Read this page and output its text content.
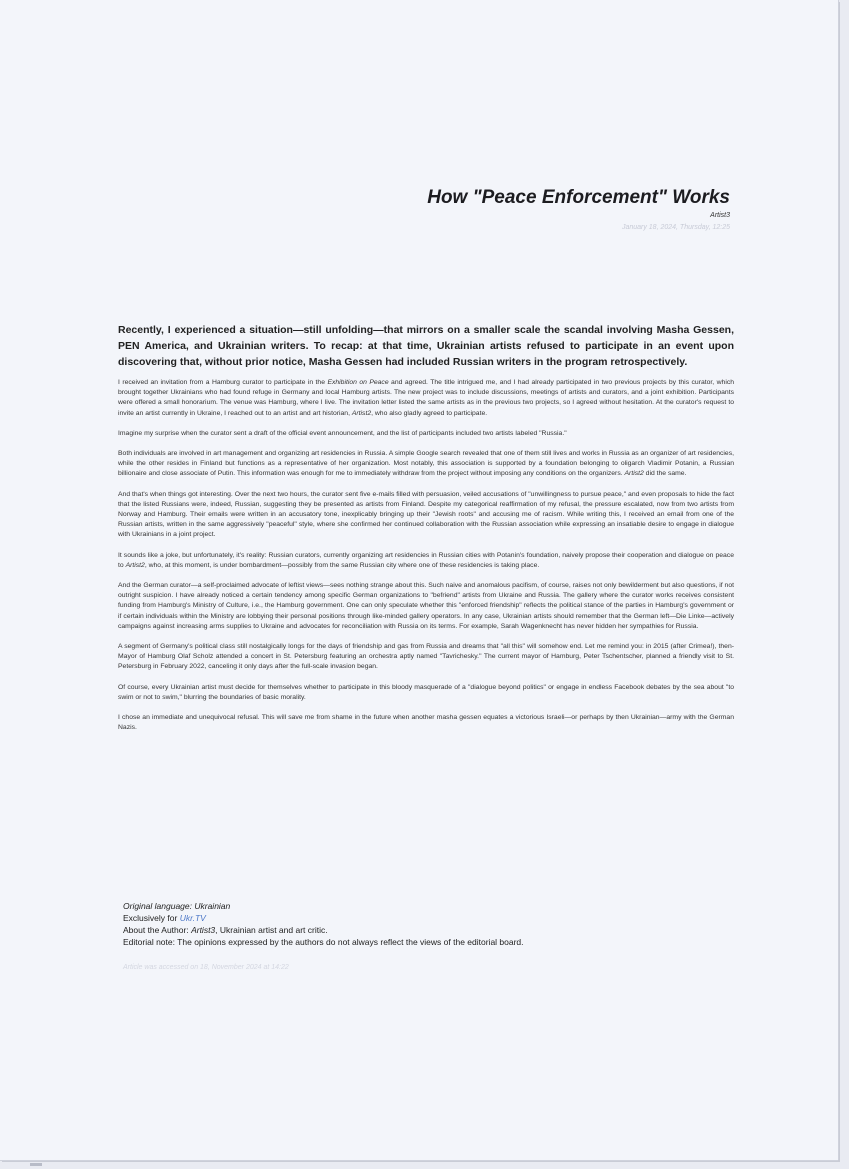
How "Peace Enforcement" Works
Artist3
January 18, 2024, Thursday, 12:25
Recently, I experienced a situation—still unfolding—that mirrors on a smaller scale the scandal involving Masha Gessen, PEN America, and Ukrainian writers. To recap: at that time, Ukrainian artists refused to participate in an event upon discovering that, without prior notice, Masha Gessen had included Russian writers in the program retrospectively.

I received an invitation from a Hamburg curator to participate in the Exhibition on Peace and agreed. The title intrigued me, and I had already participated in two previous projects by this curator, which brought together Ukrainians who had found refuge in Germany and local Hamburg artists. The new project was to include discussions, meetings of artists and curators, and a joint exhibition. Participants were offered a small honorarium. The venue was Hamburg, where I live. The invitation letter listed the same artists as in the previous two projects, so I agreed without hesitation. At the curator's request to invite an artist currently in Ukraine, I reached out to an artist and art historian, Artist2, who also gladly agreed to participate.

Imagine my surprise when the curator sent a draft of the official event announcement, and the list of participants included two artists labeled "Russia."

Both individuals are involved in art management and organizing art residencies in Russia. A simple Google search revealed that one of them still lives and works in Russia as an organizer of art residencies, while the other resides in Finland but functions as a representative of her organization. Most notably, this association is supported by a foundation belonging to oligarch Vladimir Potanin, a Russian billionaire and close associate of Putin. This information was enough for me to immediately withdraw from the project without imposing any conditions on the organizers. Artist2 did the same.

And that's when things got interesting. Over the next two hours, the curator sent five e-mails filled with persuasion, veiled accusations of "unwillingness to pursue peace," and even proposals to hide the fact that the listed Russians were, indeed, Russian, suggesting they be presented as artists from Finland. Despite my categorical reaffirmation of my refusal, the pressure escalated, now from two artists from Norway and Hamburg. Their emails were written in an accusatory tone, inexplicably bringing up their "Jewish roots" and accusing me of racism. While writing this, I received an email from one of the Russian artists, written in the same aggressively "peaceful" style, where she confirmed her continued collaboration with the Russian association while expressing an insatiable desire to engage in dialogue with Ukrainians in a joint project.

It sounds like a joke, but unfortunately, it's reality: Russian curators, currently organizing art residencies in Russian cities with Potanin's foundation, naively propose their cooperation and dialogue on peace to Artist2, who, at this moment, is under bombardment—possibly from the same Russian city where one of these residencies is taking place.

And the German curator—a self-proclaimed advocate of leftist views—sees nothing strange about this. Such naive and anomalous pacifism, of course, raises not only bewilderment but also questions, if not outright suspicion. I have already noticed a certain tendency among specific German organizations to "befriend" artists from Ukraine and Russia. The gallery where the curator works receives consistent funding from Hamburg's Ministry of Culture, i.e., the Hamburg government. One can only speculate whether this "enforced friendship" reflects the political stance of the parties in Hamburg's government or if certain individuals within the Ministry are lobbying their personal positions through like-minded gallery operators. In any case, Ukrainian artists should remember that the German left—Die Linke—actively campaigns against increasing arms supplies to Ukraine and advocates for reconciliation with Russia on its terms. For example, Sarah Wagenknecht has never hidden her sympathies for Russia.

A segment of Germany's political class still nostalgically longs for the days of friendship and gas from Russia and dreams that "all this" will somehow end. Let me remind you: in 2015 (after Crimea!), then-Mayor of Hamburg Olaf Scholz attended a concert in St. Petersburg featuring an orchestra aptly named "Tavrichesky." The current mayor of Hamburg, Peter Tschentscher, planned a friendly visit to St. Petersburg in February 2022, canceling it only days after the full-scale invasion began.

Of course, every Ukrainian artist must decide for themselves whether to participate in this bloody masquerade of a "dialogue beyond politics" or engage in endless Facebook debates by the sea about "to swim or not to swim," blurring the boundaries of basic morality.

I chose an immediate and unequivocal refusal. This will save me from shame in the future when another masha gessen equates a victorious Israeli—or perhaps by then Ukrainian—army with the German Nazis.

Original language: Ukrainian
Exclusively for Ukr.TV
About the Author: Artist3, Ukrainian artist and art critic.
Editorial note: The opinions expressed by the authors do not always reflect the views of the editorial board.
Article was accessed on 18, November 2024 at 14:22
